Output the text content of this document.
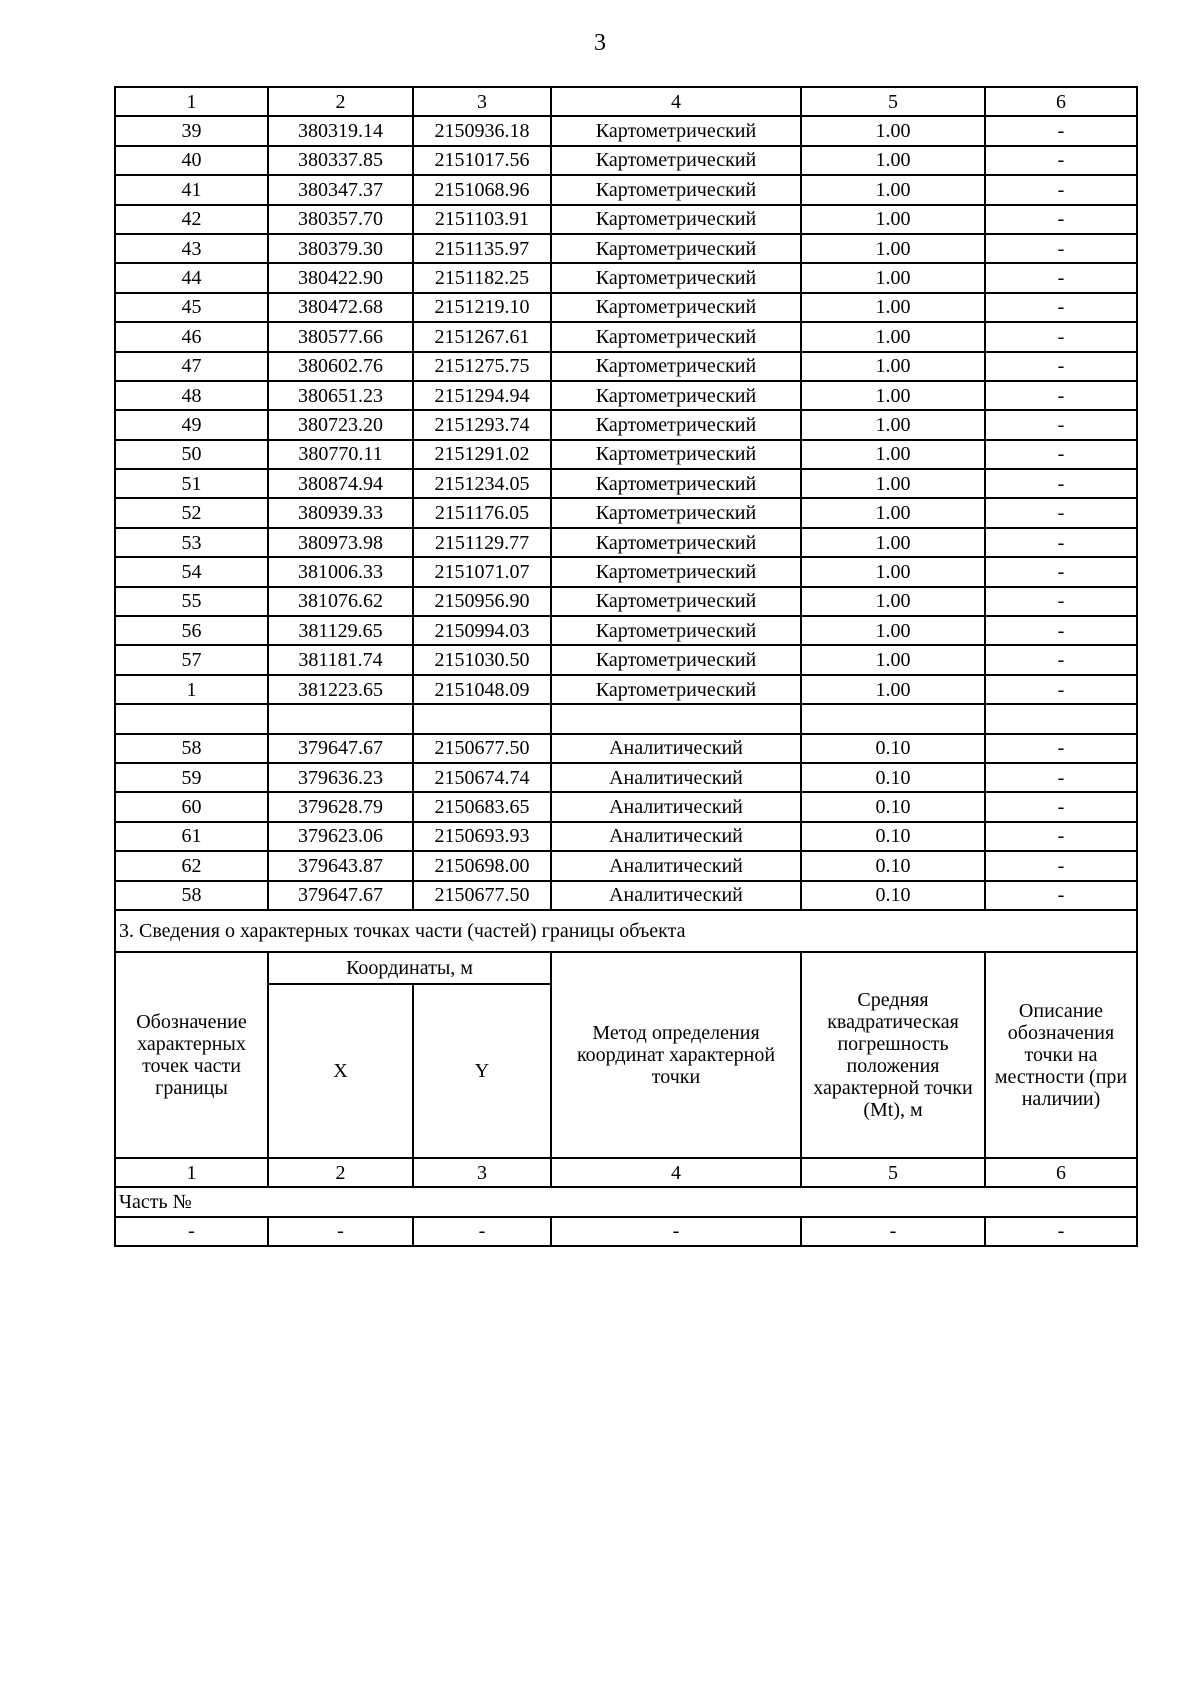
3
1	2	3	4	5	6
39	380319.14	2150936.18	Картометрический	1.00	-
40	380337.85	2151017.56	Картометрический	1.00	-
41	380347.37	2151068.96	Картометрический	1.00	-
42	380357.70	2151103.91	Картометрический	1.00	-
43	380379.30	2151135.97	Картометрический	1.00	-
44	380422.90	2151182.25	Картометрический	1.00	-
45	380472.68	2151219.10	Картометрический	1.00	-
46	380577.66	2151267.61	Картометрический	1.00	-
47	380602.76	2151275.75	Картометрический	1.00	-
48	380651.23	2151294.94	Картометрический	1.00	-
49	380723.20	2151293.74	Картометрический	1.00	-
50	380770.11	2151291.02	Картометрический	1.00	-
51	380874.94	2151234.05	Картометрический	1.00	-
52	380939.33	2151176.05	Картометрический	1.00	-
53	380973.98	2151129.77	Картометрический	1.00	-
54	381006.33	2151071.07	Картометрический	1.00	-
55	381076.62	2150956.90	Картометрический	1.00	-
56	381129.65	2150994.03	Картометрический	1.00	-
57	381181.74	2151030.50	Картометрический	1.00	-
1	381223.65	2151048.09	Картометрический	1.00	-

58	379647.67	2150677.50	Аналитический	0.10	-
59	379636.23	2150674.74	Аналитический	0.10	-
60	379628.79	2150683.65	Аналитический	0.10	-
61	379623.06	2150693.93	Аналитический	0.10	-
62	379643.87	2150698.00	Аналитический	0.10	-
58	379647.67	2150677.50	Аналитический	0.10	-
3. Сведения о характерных точках части (частей) границы объекта					
Обозначение характерных точек части границы	Координаты, м		Метод определения координат характерной точки	Средняя квадратическая погрешность положения характерной точки (Mt), м	Описание обозначения точки на местности (при наличии)
	X	Y			
1	2	3	4	5	6
Часть №					
-	-	-	-	-	-
